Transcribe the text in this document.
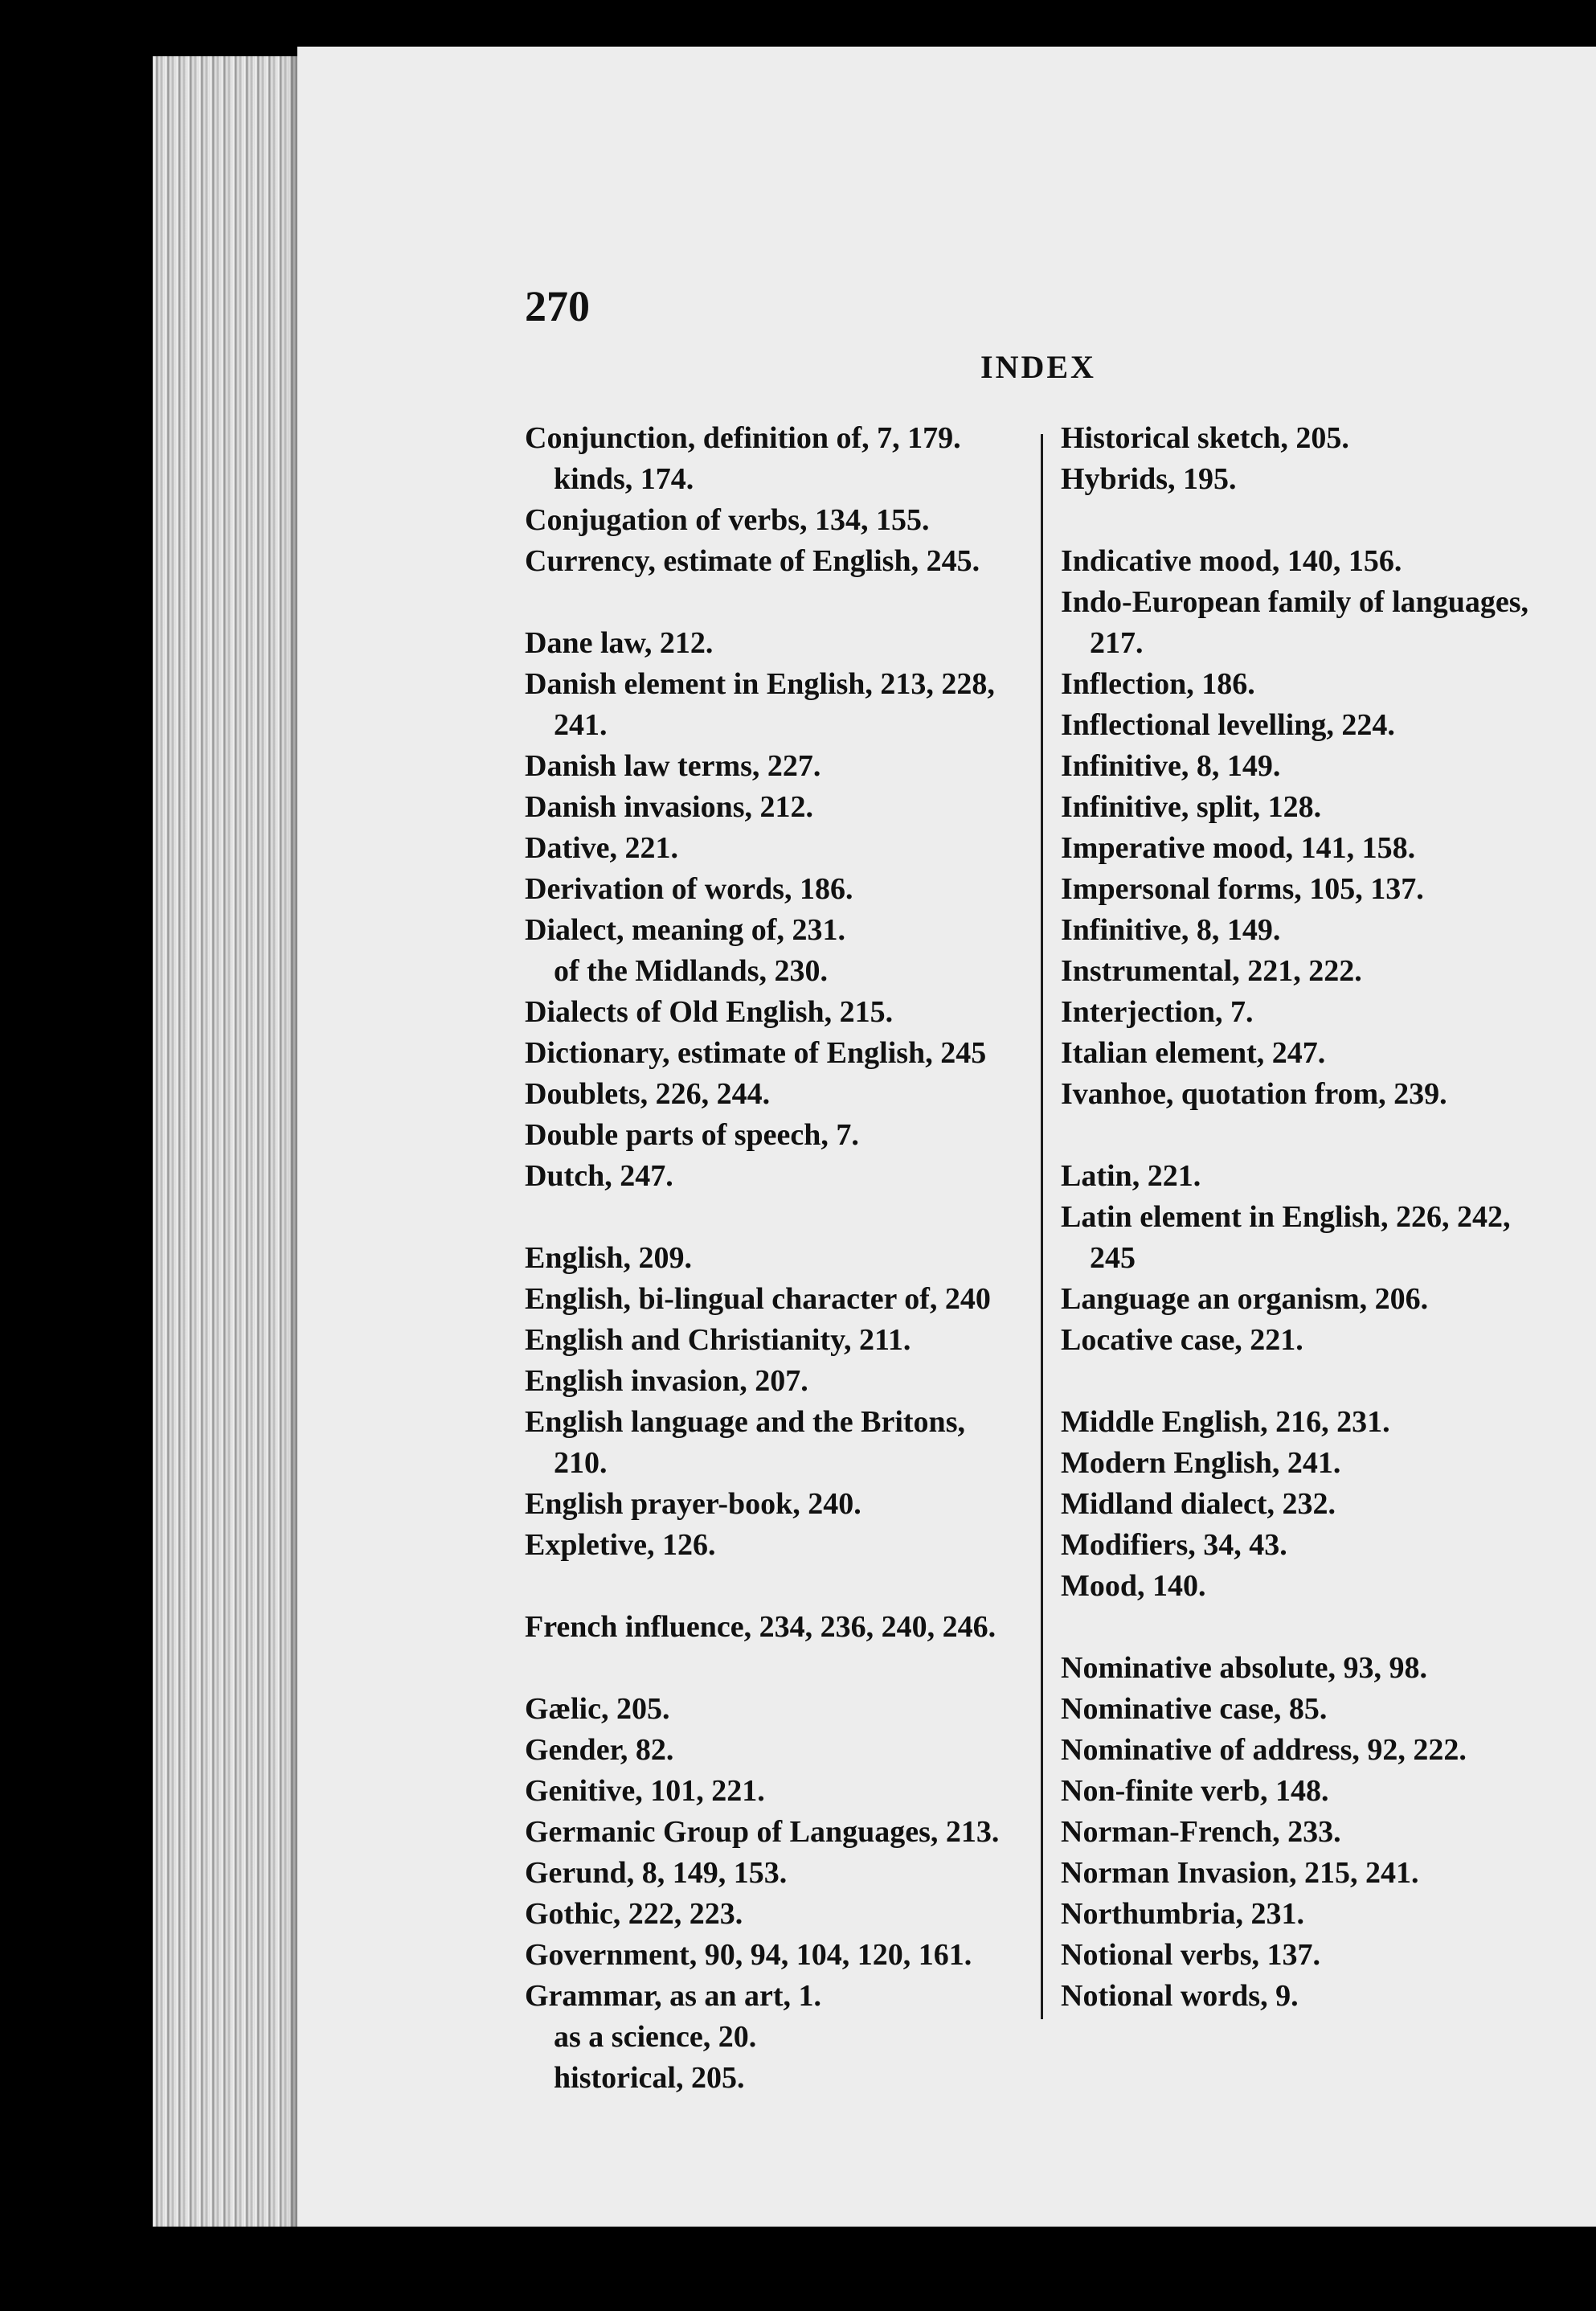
270
INDEX
Conjunction, definition of, 7, 179.
kinds, 174.
Conjugation of verbs, 134, 155.
Currency, estimate of English, 245.
Dane law, 212.
Danish element in English, 213, 228, 241.
Danish law terms, 227.
Danish invasions, 212.
Dative, 221.
Derivation of words, 186.
Dialect, meaning of, 231.
of the Midlands, 230.
Dialects of Old English, 215.
Dictionary, estimate of English, 245
Doublets, 226, 244.
Double parts of speech, 7.
Dutch, 247.
English, 209.
English, bi-lingual character of, 240
English and Christianity, 211.
English invasion, 207.
English language and the Britons, 210.
English prayer-book, 240.
Expletive, 126.
French influence, 234, 236, 240, 246.
Gælic, 205.
Gender, 82.
Genitive, 101, 221.
Germanic Group of Languages, 213.
Gerund, 8, 149, 153.
Gothic, 222, 223.
Government, 90, 94, 104, 120, 161.
Grammar, as an art, 1.
as a science, 20.
historical, 205.
Historical sketch, 205.
Hybrids, 195.
Indicative mood, 140, 156.
Indo-European family of languages, 217.
Inflection, 186.
Inflectional levelling, 224.
Infinitive, 8, 149.
Infinitive, split, 128.
Imperative mood, 141, 158.
Impersonal forms, 105, 137.
Infinitive, 8, 149.
Instrumental, 221, 222.
Interjection, 7.
Italian element, 247.
Ivanhoe, quotation from, 239.
Latin, 221.
Latin element in English, 226, 242, 245
Language an organism, 206.
Locative case, 221.
Middle English, 216, 231.
Modern English, 241.
Midland dialect, 232.
Modifiers, 34, 43.
Mood, 140.
Nominative absolute, 93, 98.
Nominative case, 85.
Nominative of address, 92, 222.
Non-finite verb, 148.
Norman-French, 233.
Norman Invasion, 215, 241.
Northumbria, 231.
Notional verbs, 137.
Notional words, 9.
